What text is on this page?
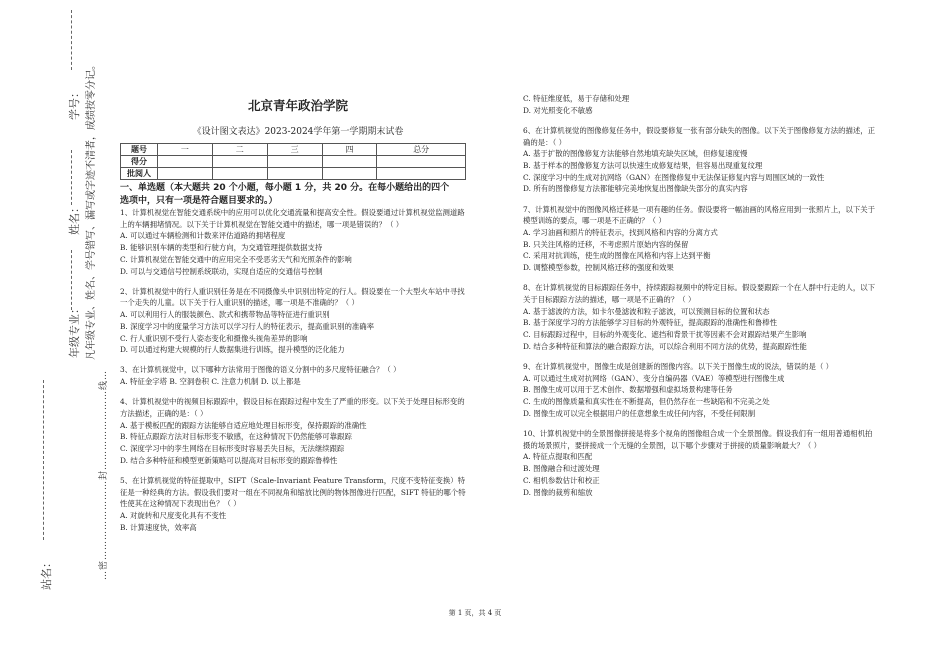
学号：
姓名：
年级专业：
站名：
凡年级专业、姓名、学号错写、漏写或字迹不清者，成绩按零分记。
…密……………………封……………………线…
北京青年政治学院
《设计图文表达》2023-2024学年第一学期期末试卷
题号	一	二	三	四	总分
得分					
批阅人					
一、单选题（本大题共 20 个小题，每小题 1 分，共 20 分。在每小题给出的四个
选项中，只有一项是符合题目要求的。）

1、计算机视觉在智能交通系统中的应用可以优化交通流量和提高安全性。假设要通过计算机视觉监测道路上的车辆拥堵情况。以下关于计算机视觉在智能交通中的描述，哪一项是错误的？（ ）

A. 可以通过车辆检测和计数来评估道路的拥堵程度
B. 能够识别车辆的类型和行驶方向，为交通管理提供数据支持
C. 计算机视觉在智能交通中的应用完全不受恶劣天气和光照条件的影响
D. 可以与交通信号控制系统联动，实现自适应的交通信号控制

2、计算机视觉中的行人重识别任务是在不同摄像头中识别出特定的行人。假设要在一个大型火车站中寻找一个走失的儿童。以下关于行人重识别的描述，哪一项是不准确的？（ ）

A. 可以利用行人的服装颜色、款式和携带物品等特征进行重识别
B. 深度学习中的度量学习方法可以学习行人的特征表示，提高重识别的准确率
C. 行人重识别不受行人姿态变化和摄像头视角差异的影响
D. 可以通过构建大规模的行人数据集进行训练，提升模型的泛化能力

3、在计算机视觉中，以下哪种方法常用于图像的语义分割中的多尺度特征融合？（ ）

A. 特征金字塔 B. 空洞卷积 C. 注意力机制 D. 以上都是

4、计算机视觉中的视频目标跟踪中，假设目标在跟踪过程中发生了严重的形变。以下关于处理目标形变的方法描述，正确的是：（ ）

A. 基于模板匹配的跟踪方法能够自适应地处理目标形变，保持跟踪的准确性
B. 特征点跟踪方法对目标形变不敏感，在这种情况下仍然能够可靠跟踪
C. 深度学习中的孪生网络在目标形变时容易丢失目标，无法继续跟踪
D. 结合多种特征和模型更新策略可以提高对目标形变的跟踪鲁棒性

5、在计算机视觉的特征提取中，SIFT（Scale-Invariant Feature Transform，尺度不变特征变换）特征是一种经典的方法。假设我们要对一组在不同视角和缩放比例的物体图像进行匹配，SIFT 特征的哪个特性使其在这种情况下表现出色？（ ）

A. 对旋转和尺度变化具有不变性
B. 计算速度快，效率高
C. 特征维度低，易于存储和处理
D. 对光照变化不敏感

6、在计算机视觉的图像修复任务中，假设要修复一张有部分缺失的图像。以下关于图像修复方法的描述，正确的是：（ ）

A. 基于扩散的图像修复方法能够自然地填充缺失区域，但修复速度慢
B. 基于样本的图像修复方法可以快速生成修复结果，但容易出现重复纹理
C. 深度学习中的生成对抗网络（GAN）在图像修复中无法保证修复内容与周围区域的一致性
D. 所有的图像修复方法都能够完美地恢复出图像缺失部分的真实内容

7、计算机视觉中的图像风格迁移是一项有趣的任务。假设要将一幅油画的风格应用到一张照片上，以下关于模型训练的要点，哪一项是不正确的？（ ）

A. 学习油画和照片的特征表示，找到风格和内容的分离方式
B. 只关注风格的迁移，不考虑照片原始内容的保留
C. 采用对抗训练，使生成的图像在风格和内容上达到平衡
D. 调整模型参数，控制风格迁移的强度和效果

8、在计算机视觉的目标跟踪任务中，持续跟踪视频中的特定目标。假设要跟踪一个在人群中行走的人，以下关于目标跟踪方法的描述，哪一项是不正确的？（ ）

A. 基于滤波的方法，如卡尔曼滤波和粒子滤波，可以预测目标的位置和状态
B. 基于深度学习的方法能够学习目标的外观特征，提高跟踪的准确性和鲁棒性
C. 目标跟踪过程中，目标的外观变化、遮挡和背景干扰等因素不会对跟踪结果产生影响
D. 结合多种特征和算法的融合跟踪方法，可以综合利用不同方法的优势，提高跟踪性能

9、在计算机视觉中，图像生成是创建新的图像内容。以下关于图像生成的说法，错误的是（ ）

A. 可以通过生成对抗网络（GAN）、变分自编码器（VAE）等模型进行图像生成
B. 图像生成可以用于艺术创作、数据增强和虚拟场景构建等任务
C. 生成的图像质量和真实性在不断提高，但仍然存在一些缺陷和不完美之处
D. 图像生成可以完全根据用户的任意想象生成任何内容，不受任何限制

10、计算机视觉中的全景图像拼接是将多个视角的图像组合成一个全景图像。假设我们有一组用普通相机拍摄的场景照片，要拼接成一个无缝的全景图，以下哪个步骤对于拼接的质量影响最大？（ ）

A. 特征点提取和匹配
B. 图像融合和过渡处理
C. 相机参数估计和校正
D. 图像的裁剪和缩放
第 1 页，共 4 页
